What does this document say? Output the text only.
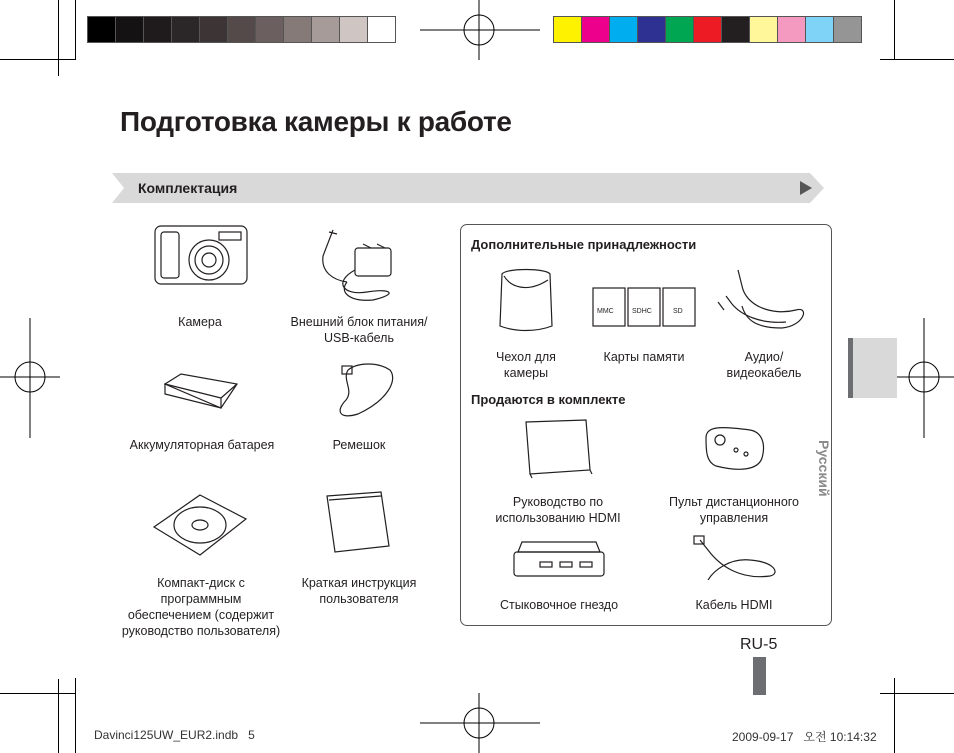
Подготовка камеры к работе
Комплектация
Камера	Внешний блок питания/ USB-кабель
Аккумуляторная батарея	Ремешок
Компакт-диск с программным обеспечением (содержит руководство пользователя)
Краткая инструкция пользователя
Дополнительные принадлежности
MMC	SDHC	SD
Чехол для камеры
Карты памяти	Аудио/ видеокабель
Продаются в комплекте
Руководство по использованию HDMI
Пульт дистанционного управления
Стыковочное гнездо	Кабель HDMI
Русский
RU-5
Davinci125UW_EUR2.indb   5	2009-09-17   오전 10:14:32
